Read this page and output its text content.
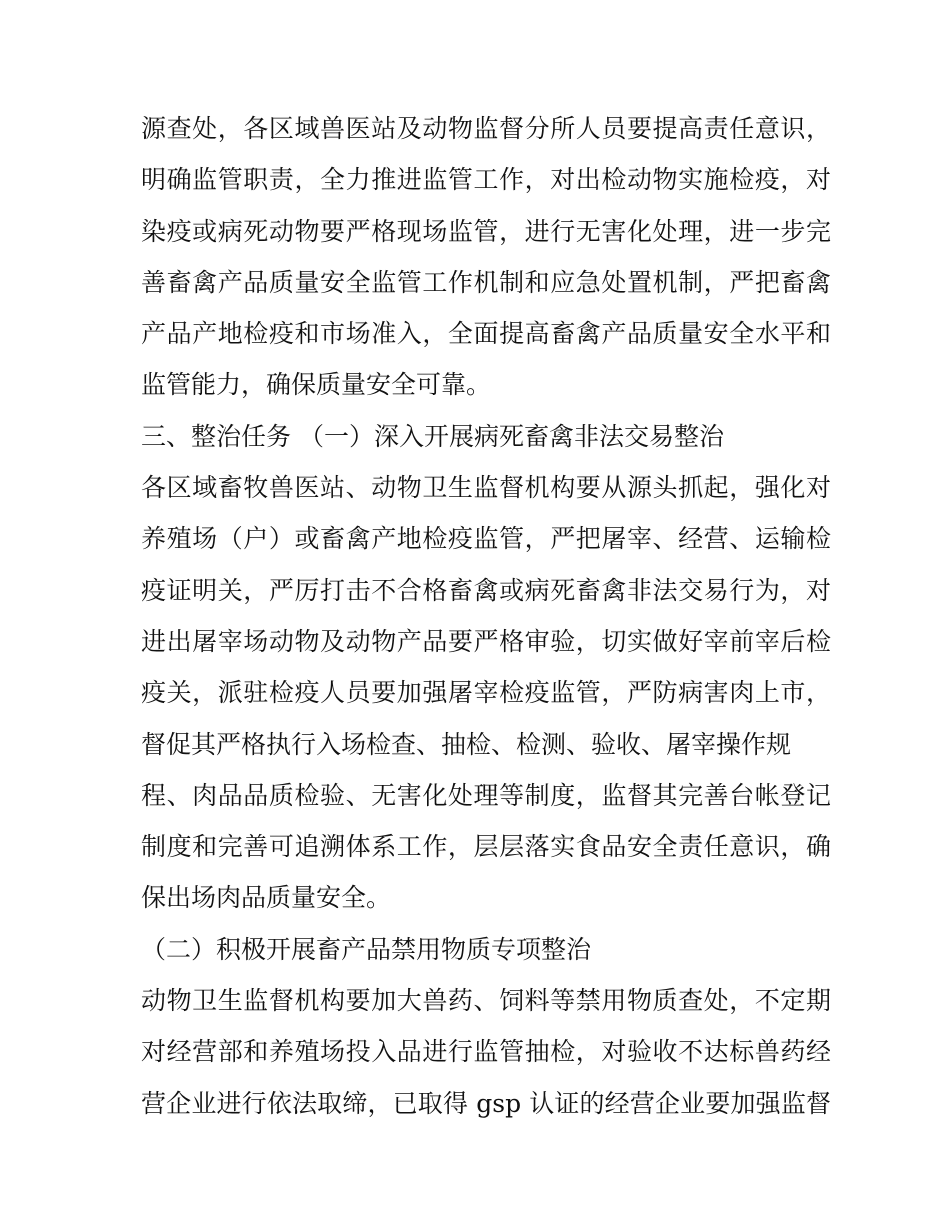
源查处，各区域兽医站及动物监督分所人员要提高责任意识，
明确监管职责，全力推进监管工作，对出检动物实施检疫，对
染疫或病死动物要严格现场监管，进行无害化处理，进一步完
善畜禽产品质量安全监管工作机制和应急处置机制，严把畜禽
产品产地检疫和市场准入，全面提高畜禽产品质量安全水平和
监管能力，确保质量安全可靠。
三、整治任务 （一）深入开展病死畜禽非法交易整治
各区域畜牧兽医站、动物卫生监督机构要从源头抓起，强化对
养殖场（户）或畜禽产地检疫监管，严把屠宰、经营、运输检
疫证明关，严厉打击不合格畜禽或病死畜禽非法交易行为，对
进出屠宰场动物及动物产品要严格审验，切实做好宰前宰后检
疫关，派驻检疫人员要加强屠宰检疫监管，严防病害肉上市，
督促其严格执行入场检查、抽检、检测、验收、屠宰操作规
程、肉品品质检验、无害化处理等制度，监督其完善台帐登记
制度和完善可追溯体系工作，层层落实食品安全责任意识，确
保出场肉品质量安全。
（二）积极开展畜产品禁用物质专项整治
动物卫生监督机构要加大兽药、饲料等禁用物质查处，不定期
对经营部和养殖场投入品进行监管抽检，对验收不达标兽药经
营企业进行依法取缔，已取得 gsp 认证的经营企业要加强监督
